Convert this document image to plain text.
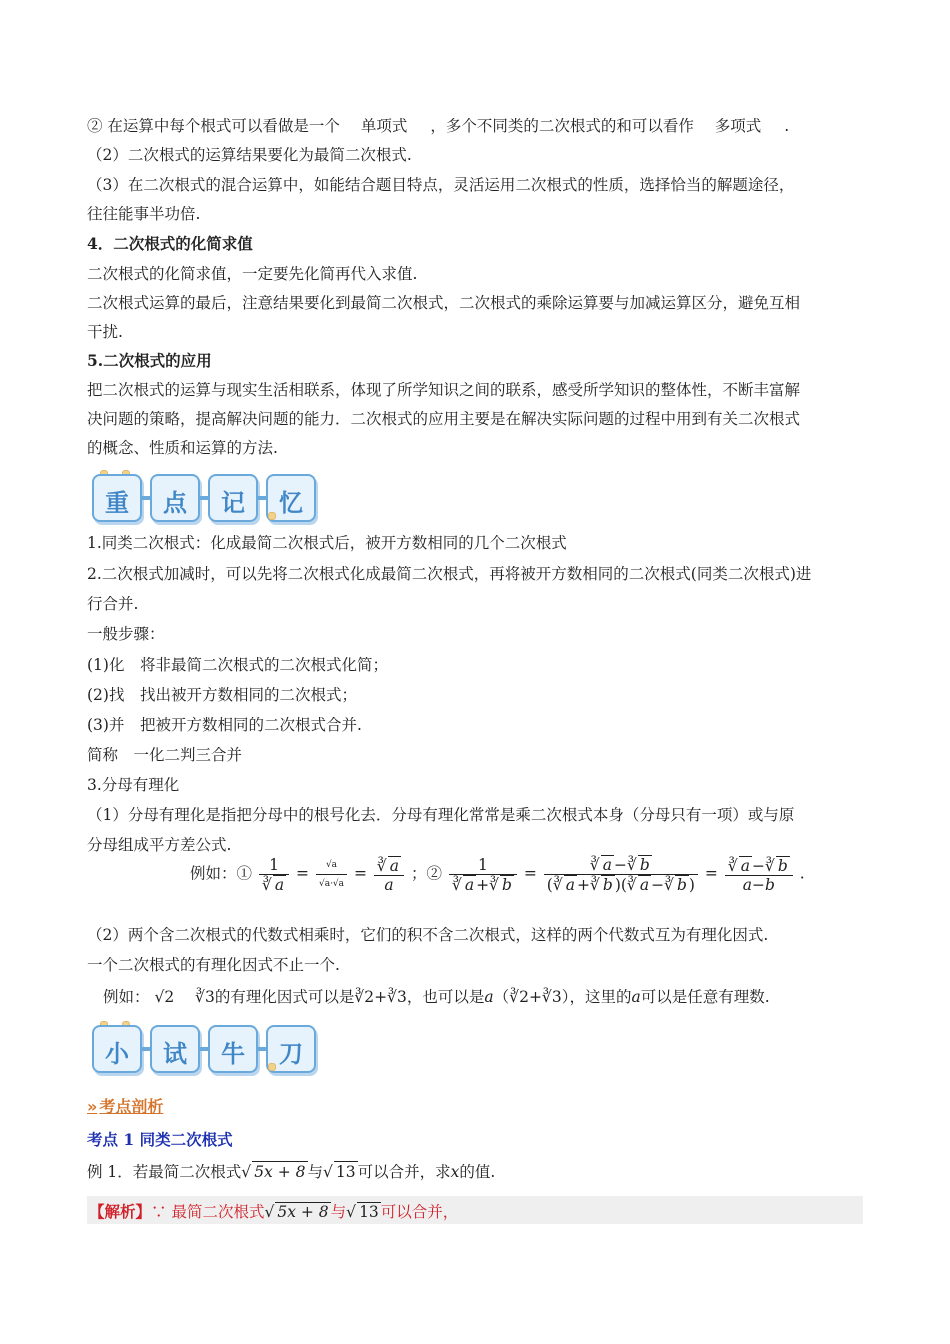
② 在运算中每个根式可以看做是一个 单项式 ，多个不同类的二次根式的和可以看作 多项式 .
（2）二次根式的运算结果要化为最简二次根式.
（3）在二次根式的混合运算中，如能结合题目特点，灵活运用二次根式的性质，选择恰当的解题途径，
往往能事半功倍.
4．二次根式的化简求值
二次根式的化简求值，一定要先化简再代入求值.
二次根式运算的最后，注意结果要化到最简二次根式，二次根式的乘除运算要与加减运算区分，避免互相
干扰.
5.二次根式的应用
把二次根式的运算与现实生活相联系，体现了所学知识之间的联系，感受所学知识的整体性，不断丰富解
决问题的策略，提高解决问题的能力．二次根式的应用主要是在解决实际问题的过程中用到有关二次根式
的概念、性质和运算的方法.
重	点	记	忆
1.同类二次根式：化成最简二次根式后，被开方数相同的几个二次根式
2.二次根式加减时，可以先将二次根式化成最简二次根式，再将被开方数相同的二次根式(同类二次根式)进
行合并.
一般步骤：
(1)化　将非最简二次根式的二次根式化简；
(2)找　找出被开方数相同的二次根式；
(3)并　把被开方数相同的二次根式合并.
简称　一化二判三合并
3.分母有理化
（1）分母有理化是指把分母中的根号化去．分母有理化常常是乘二次根式本身（分母只有一项）或与原
分母组成平方差公式.
例如：① $\frac{1}{∛ a} = \frac{√a}{√a\cdot√a} = \frac{∛ a}{a}$ ；② $\frac{1}{∛ a +∛ b} = \frac{∛ a -∛ b}{(∛ a +∛ b )(∛ a -∛ b )} = \frac{∛ a -∛ b}{a-b}$ .
（2）两个含二次根式的代数式相乘时，它们的积不含二次根式，这样的两个代数式互为有理化因式.
一个二次根式的有理化因式不止一个.
例如： √2 ∛3的有理化因式可以是∛2+∛3，也可以是a（∛2+∛3），这里的a可以是任意有理数.
小	试	牛	刀
» 考点剖析
考点 1 同类二次根式
例 1．若最简二次根式√ 5x + 8 与√ 13 可以合并，求x的值.
【解析】∵ 最简二次根式√ 5x + 8 与√ 13 可以合并，
